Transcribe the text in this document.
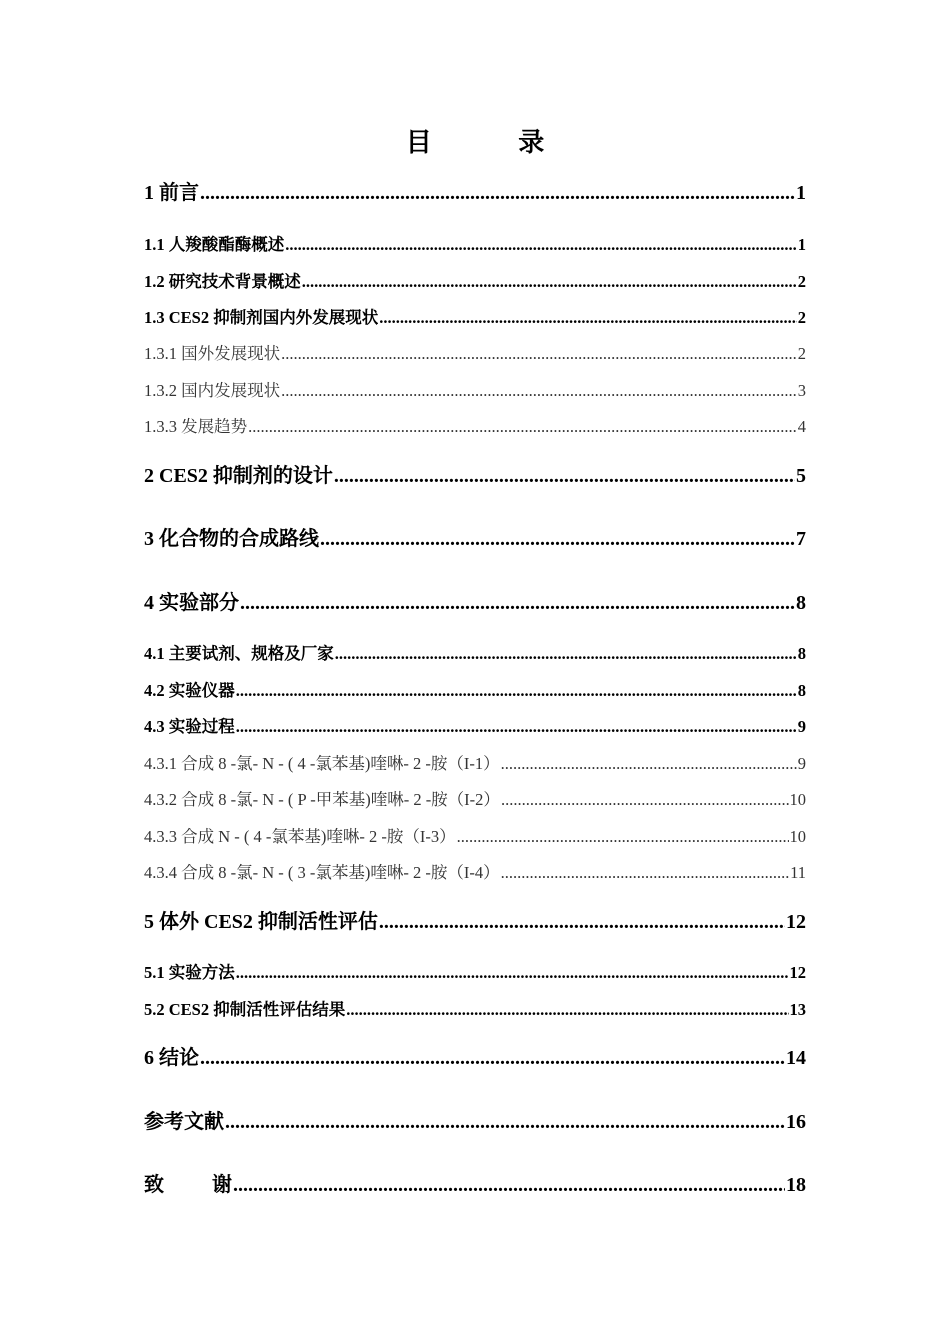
目 录
1 前言 .....	1
1.1 人羧酸酯酶概述 .....	1
1.2 研究技术背景概述 .....	2
1.3 CES2 抑制剂国内外发展现状 .....	2
1.3.1 国外发展现状 .....	2
1.3.2 国内发展现状 .....	3
1.3.3 发展趋势 .....	4
2 CES2 抑制剂的设计 .....	5
3 化合物的合成路线 .....	7
4 实验部分 .....	8
4.1 主要试剂、规格及厂家 .....	8
4.2 实验仪器 .....	8
4.3 实验过程 .....	9
4.3.1 合成 8 -氯- N - ( 4 -氯苯基)喹啉- 2 -胺（I-1） .....	9
4.3.2 合成 8 -氯- N - ( P -甲苯基)喹啉- 2 -胺（I-2） .....	10
4.3.3 合成 N - ( 4 -氯苯基)喹啉- 2 -胺（I-3） .....	10
4.3.4 合成 8 -氯- N - ( 3 -氯苯基)喹啉- 2 -胺（I-4） .....	11
5 体外 CES2 抑制活性评估 .....	12
5.1 实验方法 .....	12
5.2 CES2 抑制活性评估结果 .....	13
6 结论 .....	14
参考文献 .....	16
致 谢 .....	18
